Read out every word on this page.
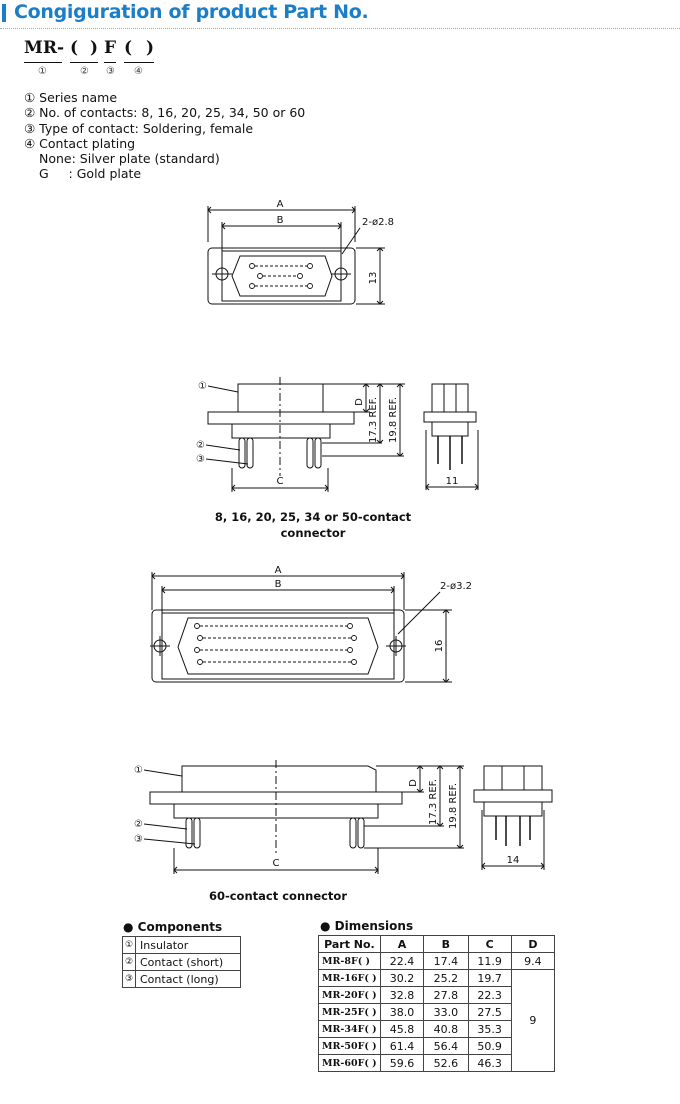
Congiguration of product Part No.
MR- ( ) F ( )
①	② ③ ④
① Series name
② No. of contacts: 8, 16, 20, 25, 34, 50 or 60
③ Type of contact: Soldering, female
④ Contact plating
None: Silver plate (standard)
G     : Gold plate
A
B	2-ø2.8
13
①
②
③
C
D 17.3 REF. 19.8 REF.
11
8, 16, 20, 25, 34 or 50-contact
connector
A
B	2-ø3.2
16
①
②
③
C
D 17.3 REF. 19.8 REF.
14
60-contact connector
● Components
①	Insulator
②	Contact (short)
③	Contact (long)
● Dimensions
Part No.	A	B	C	D
MR-8F( )	22.4	17.4	11.9	9.4
MR-16F( )	30.2	25.2	19.7	9
MR-20F( )	32.8	27.8	22.3	
MR-25F( )	38.0	33.0	27.5	
MR-34F( )	45.8	40.8	35.3	
MR-50F( )	61.4	56.4	50.9	
MR-60F( )	59.6	52.6	46.3	
